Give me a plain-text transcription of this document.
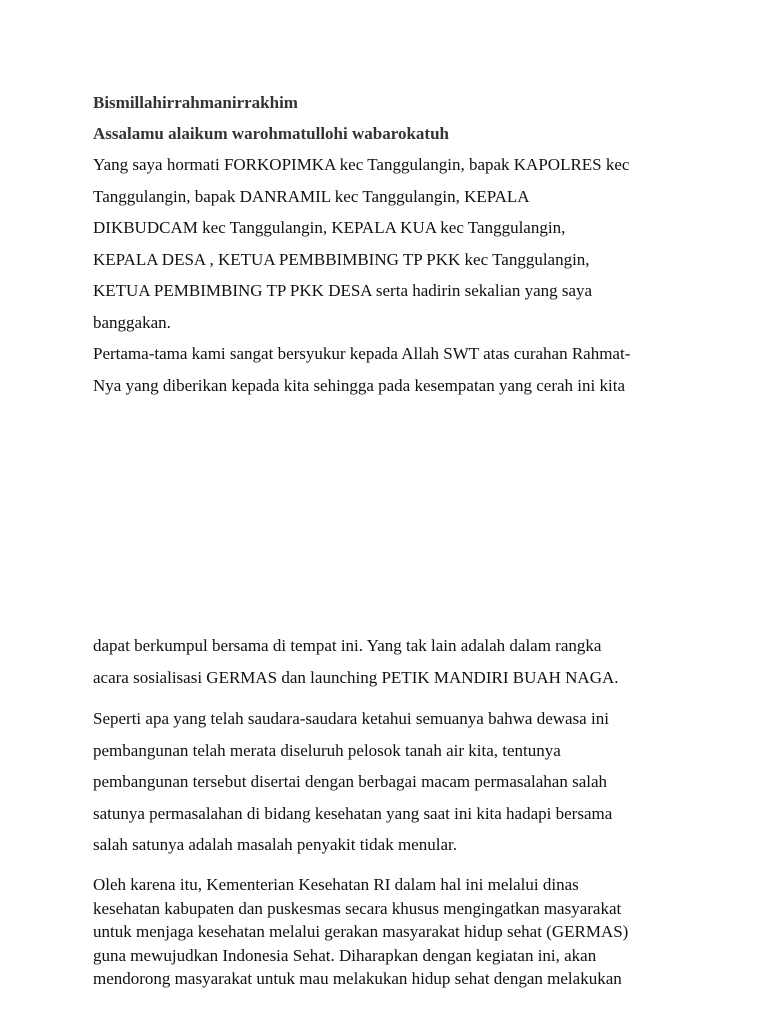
Bismillahirrahmanirrakhim
Assalamu alaikum warohmatullohi wabarokatuh
Yang saya hormati FORKOPIMKA kec Tanggulangin, bapak KAPOLRES kec
Tanggulangin, bapak DANRAMIL kec Tanggulangin, KEPALA
DIKBUDCAM kec Tanggulangin, KEPALA KUA kec Tanggulangin,
KEPALA DESA , KETUA PEMBBIMBING TP PKK kec Tanggulangin,
KETUA PEMBIMBING TP PKK DESA serta hadirin sekalian yang saya
banggakan.
Pertama-tama kami sangat bersyukur kepada Allah SWT atas curahan Rahmat-
Nya yang diberikan kepada kita sehingga pada kesempatan yang cerah ini kita
dapat berkumpul bersama di tempat ini. Yang tak lain adalah dalam rangka
acara sosialisasi GERMAS dan launching PETIK MANDIRI BUAH NAGA.
Seperti apa yang telah saudara-saudara ketahui semuanya bahwa dewasa ini
pembangunan telah merata diseluruh pelosok tanah air kita, tentunya
pembangunan tersebut disertai dengan berbagai macam permasalahan salah
satunya permasalahan di bidang kesehatan yang saat ini kita hadapi bersama
salah satunya adalah masalah penyakit tidak menular.
Oleh karena itu, Kementerian Kesehatan RI dalam hal ini melalui dinas
kesehatan kabupaten dan puskesmas secara khusus mengingatkan masyarakat
untuk menjaga kesehatan melalui gerakan masyarakat hidup sehat (GERMAS)
guna mewujudkan Indonesia Sehat. Diharapkan dengan kegiatan ini, akan
mendorong masyarakat untuk mau melakukan hidup sehat dengan melakukan
